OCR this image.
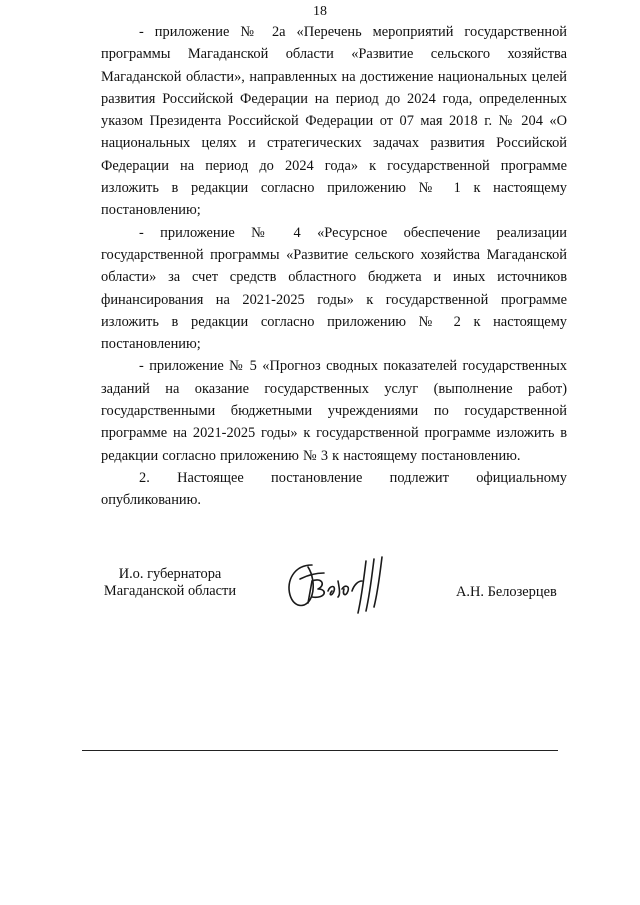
18

- приложение № 2а «Перечень мероприятий государственной программы Магаданской области «Развитие сельского хозяйства Магаданской области», направленных на достижение национальных целей развития Российской Федерации на период до 2024 года, определенных указом Президента Российской Федерации от 07 мая 2018 г. № 204 «О национальных целях и стратегических задачах развития Российской Федерации на период до 2024 года» к государственной программе изложить в редакции согласно приложению № 1 к настоящему постановлению;

- приложение № 4 «Ресурсное обеспечение реализации государственной программы «Развитие сельского хозяйства Магаданской области» за счет средств областного бюджета и иных источников финансирования на 2021-2025 годы» к государственной программе изложить в редакции согласно приложению № 2 к настоящему постановлению;

- приложение № 5 «Прогноз сводных показателей государственных заданий на оказание государственных услуг (выполнение работ) государственными бюджетными учреждениями по государственной программе на 2021-2025 годы» к государственной программе изложить в редакции согласно приложению № 3 к настоящему постановлению.

2. Настоящее постановление подлежит официальному опубликованию.

И.о. губернатора
Магаданской области	А.Н. Белозерцев
